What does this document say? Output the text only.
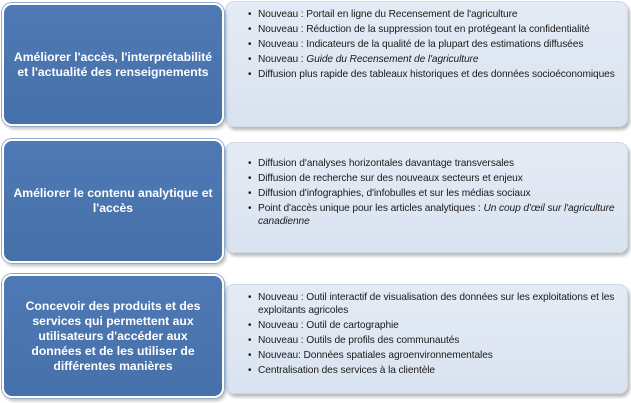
• Nouveau : Portail en ligne du Recensement de l'agriculture
• Nouveau : Réduction de la suppression tout en protégeant la confidentialité
• Nouveau : Indicateurs de la qualité de la plupart des estimations diffusées
• Nouveau : Guide du Recensement de l'agriculture
• Diffusion plus rapide des tableaux historiques et des données socioéconomiques
Améliorer l'accès, l'interprétabilité et l'actualité des renseignements
• Diffusion d'analyses horizontales davantage transversales
• Diffusion de recherche sur des nouveaux secteurs et enjeux
• Diffusion d'infographies, d'infobulles et sur les médias sociaux
• Point d'accès unique pour les articles analytiques : Un coup d'œil sur l'agriculture canadienne
Améliorer le contenu analytique et l'accès
• Nouveau : Outil interactif de visualisation des données sur les exploitations et les exploitants agricoles
• Nouveau : Outil de cartographie
• Nouveau : Outils de profils des communautés
• Nouveau: Données spatiales agroenvironnementales
• Centralisation des services à la clientèle
Concevoir des produits et des services qui permettent aux utilisateurs d'accéder aux données et de les utiliser de différentes manières
